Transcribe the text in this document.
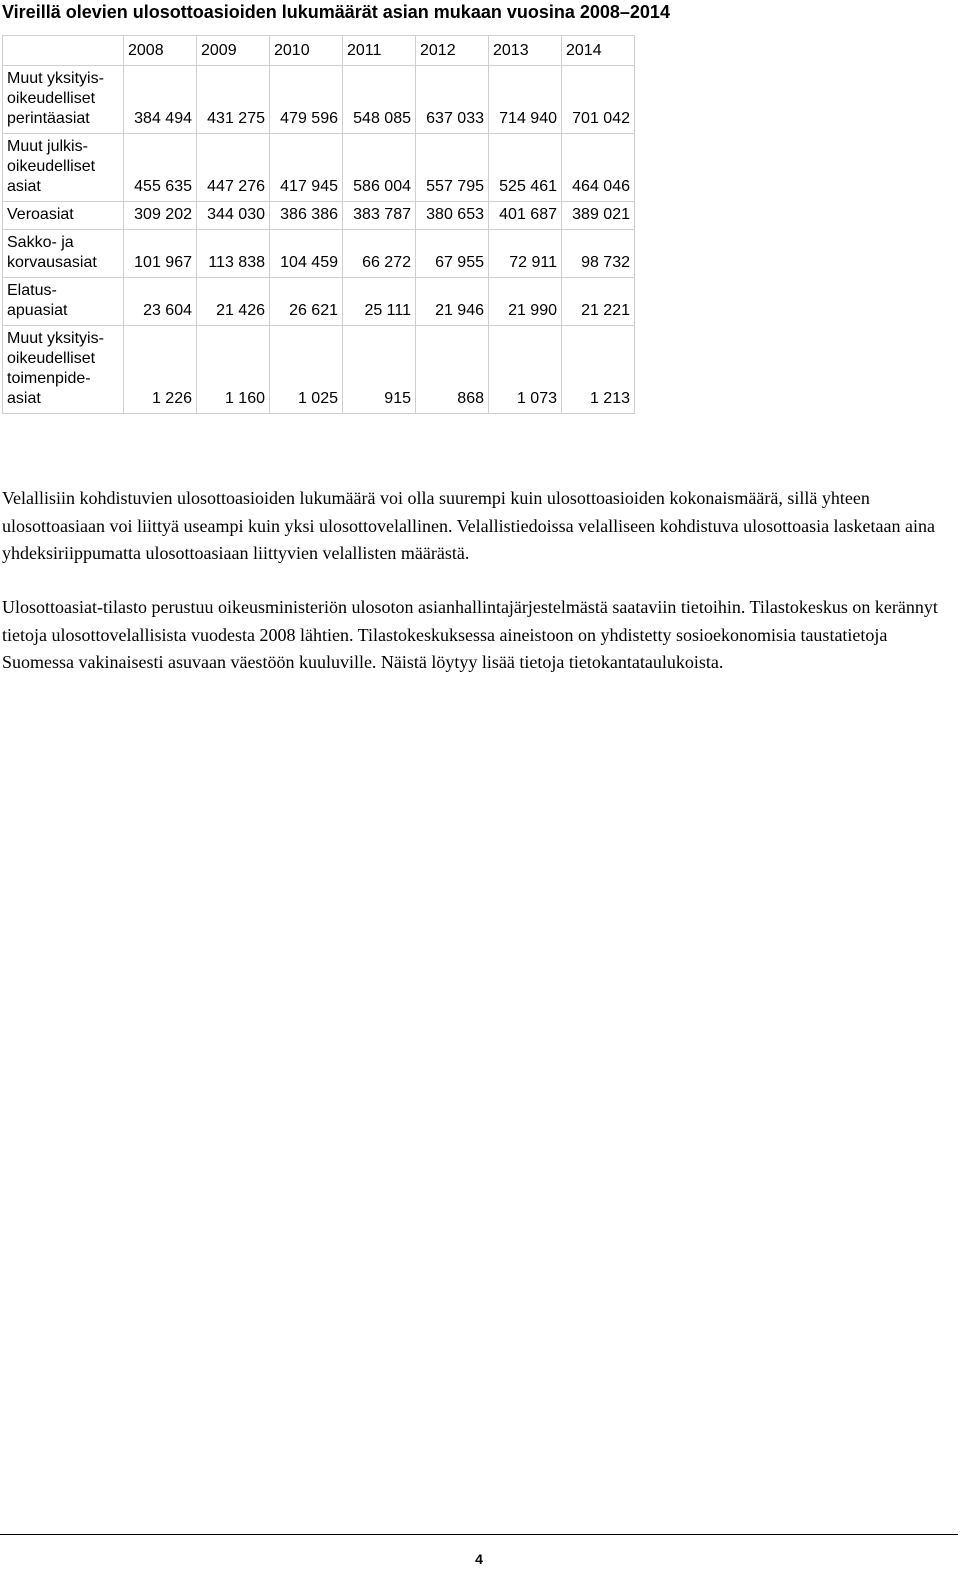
Vireillä olevien ulosottoasioiden lukumäärät asian mukaan vuosina 2008–2014
	2008	2009	2010	2011	2012	2013	2014

Muut yksityis-
oikeudelliset
perintäasiat	384 494	431 275	479 596	548 085	637 033	714 940	701 042

Muut julkis-
oikeudelliset
asiat	455 635	447 276	417 945	586 004	557 795	525 461	464 046

Veroasiat	309 202	344 030	386 386	383 787	380 653	401 687	389 021

Sakko- ja
korvausasiat	101 967	113 838	104 459	66 272	67 955	72 911	98 732

Elatus-
apuasiat	23 604	21 426	26 621	25 111	21 946	21 990	21 221

Muut yksityis-
oikeudelliset
toimenpide-
asiat	1 226	1 160	1 025	915	868	1 073	1 213

Velallisiin kohdistuvien ulosottoasioiden lukumäärä voi olla suurempi kuin ulosottoasioiden kokonaismäärä, sillä yhteen ulosottoasiaan voi liittyä useampi kuin yksi ulosottovelallinen. Velallistiedoissa velalliseen kohdistuva ulosottoasia lasketaan aina yhdeksiriippumatta ulosottoasiaan liittyvien velallisten määrästä.

Ulosottoasiat-tilasto perustuu oikeusministeriön ulosoton asianhallintajärjestelmästä saataviin tietoihin. Tilastokeskus on kerännyt tietoja ulosottovelallisista vuodesta 2008 lähtien. Tilastokeskuksessa aineistoon on yhdistetty sosioekonomisia taustatietoja Suomessa vakinaisesti asuvaan väestöön kuuluville. Näistä löytyy lisää tietoja tietokantataulukoista.

4
